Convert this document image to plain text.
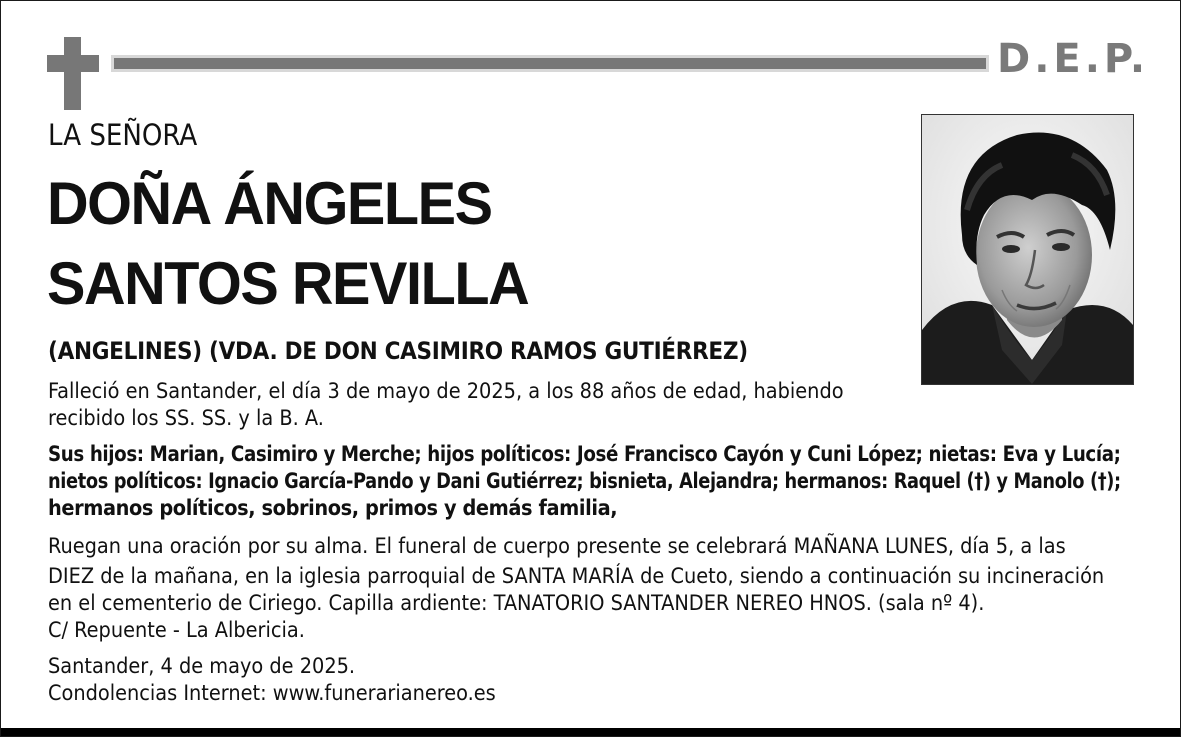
D.E.P.
LA SEÑORA
DOÑA ÁNGELES
SANTOS REVILLA
(ANGELINES) (VDA. DE DON CASIMIRO RAMOS GUTIÉRREZ)
Falleció en Santander, el día 3 de mayo de 2025, a los 88 años de edad, habiendo
recibido los SS. SS. y la B. A.
Sus hijos: Marian, Casimiro y Merche; hijos políticos: José Francisco Cayón y Cuni López; nietas: Eva y Lucía;
nietos políticos: Ignacio García-Pando y Dani Gutiérrez; bisnieta, Alejandra; hermanos: Raquel (†) y Manolo (†);
hermanos políticos, sobrinos, primos y demás familia,
Ruegan una oración por su alma. El funeral de cuerpo presente se celebrará MAÑANA LUNES, día 5, a las
DIEZ de la mañana, en la iglesia parroquial de SANTA MARÍA de Cueto, siendo a continuación su incineración
en el cementerio de Ciriego. Capilla ardiente: TANATORIO SANTANDER NEREO HNOS. (sala nº 4).
C/ Repuente - La Albericia.
Santander, 4 de mayo de 2025.
Condolencias Internet: www.funerarianereo.es
